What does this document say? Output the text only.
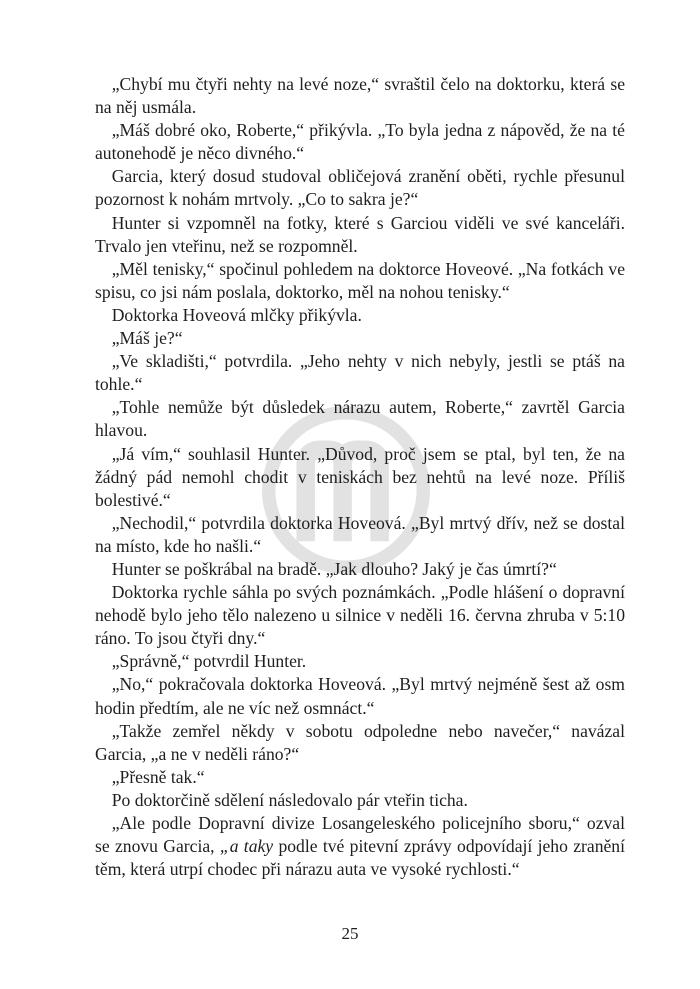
„Chybí mu čtyři nehty na levé noze,“ svraštil čelo na doktorku, která se na něj usmála.

„Máš dobré oko, Roberte,“ přikývla. „To byla jedna z nápověd, že na té autonehodě je něco divného.“

Garcia, který dosud studoval obličejová zranění oběti, rychle přesunul pozornost k nohám mrtvoly. „Co to sakra je?“

Hunter si vzpomněl na fotky, které s Garciou viděli ve své kanceláři. Trvalo jen vteřinu, než se rozpomněl.

„Měl tenisky,“ spočinul pohledem na doktorce Hoveové. „Na fotkách ve spisu, co jsi nám poslala, doktorko, měl na nohou tenisky.“

Doktorka Hoveová mlčky přikývla.

„Máš je?“

„Ve skladišti,“ potvrdila. „Jeho nehty v nich nebyly, jestli se ptáš na tohle.“

„Tohle nemůže být důsledek nárazu autem, Roberte,“ zavrtěl Garcia hlavou.

„Já vím,“ souhlasil Hunter. „Důvod, proč jsem se ptal, byl ten, že na žádný pád nemohl chodit v teniskách bez nehtů na levé noze. Příliš bolestivé.“

„Nechodil,“ potvrdila doktorka Hoveová. „Byl mrtvý dřív, než se dostal na místo, kde ho našli.“

Hunter se poškrábal na bradě. „Jak dlouho? Jaký je čas úmrtí?“

Doktorka rychle sáhla po svých poznámkách. „Podle hlášení o dopravní nehodě bylo jeho tělo nalezeno u silnice v neděli 16. června zhruba v 5:10 ráno. To jsou čtyři dny.“

„Správně,“ potvrdil Hunter.

„No,“ pokračovala doktorka Hoveová. „Byl mrtvý nejméně šest až osm hodin předtím, ale ne víc než osmnáct.“

„Takže zemřel někdy v sobotu odpoledne nebo navečer,“ navázal Garcia, „a ne v neděli ráno?“

„Přesně tak.“

Po doktorčině sdělení následovalo pár vteřin ticha.

„Ale podle Dopravní divize Losangeleského policejního sboru,“ ozval se znovu Garcia, „a taky podle tvé pitevní zprávy odpovídají jeho zranění těm, která utrpí chodec při nárazu auta ve vysoké rychlosti.“

25
